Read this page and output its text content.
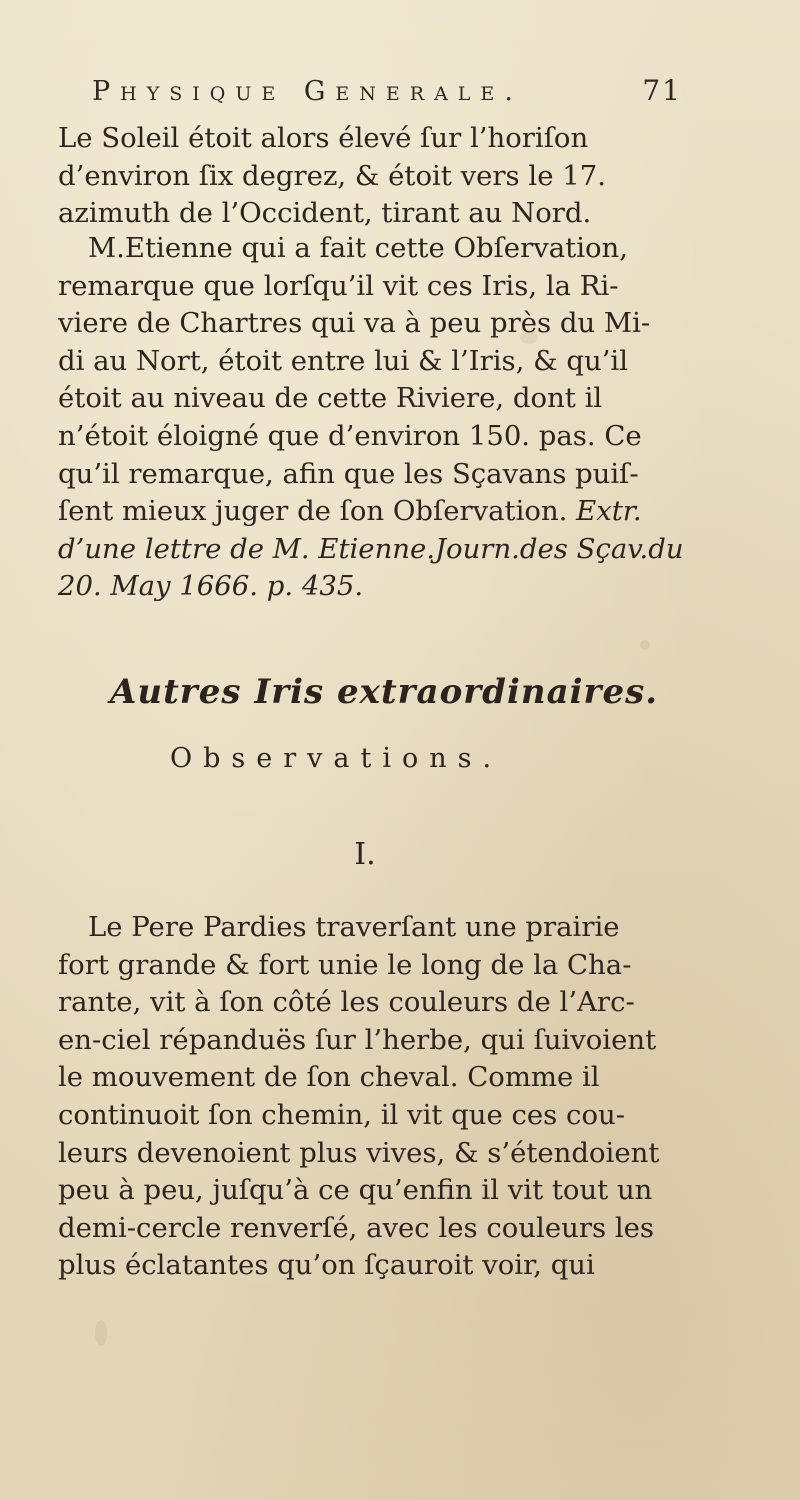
Physique Generale.	71
Le Soleil étoit alors élevé ſur l’horiſon
d’environ ſix degrez, & étoit vers le 17.
azimuth de l’Occident, tirant au Nord.
M.Etienne qui a fait cette Obſervation,
remarque que lorſqu’il vit ces Iris, la Ri-
viere de Chartres qui va à peu près du Mi-
di au Nort, étoit entre lui & l’Iris, & qu’il
étoit au niveau de cette Riviere, dont il
n’étoit éloigné que d’environ 150. pas. Ce
qu’il remarque, afin que les Sçavans puiſ-
ſent mieux juger de ſon Obſervation. Extr.
d’une lettre de M. Etienne.Journ.des Sçav.du
20. May 1666. p. 435.
Autres Iris extraordinaires.
Observations.
I.
Le Pere Pardies traverſant une prairie
fort grande & fort unie le long de la Cha-
rante, vit à ſon côté les couleurs de l’Arc-
en-ciel répanduës ſur l’herbe, qui ſuivoient
le mouvement de ſon cheval. Comme il
continuoit ſon chemin, il vit que ces cou-
leurs devenoient plus vives, & s’étendoient
peu à peu, juſqu’à ce qu’enfin il vit tout un
demi-cercle renverſé, avec les couleurs les
plus éclatantes qu’on ſçauroit voir, qui
